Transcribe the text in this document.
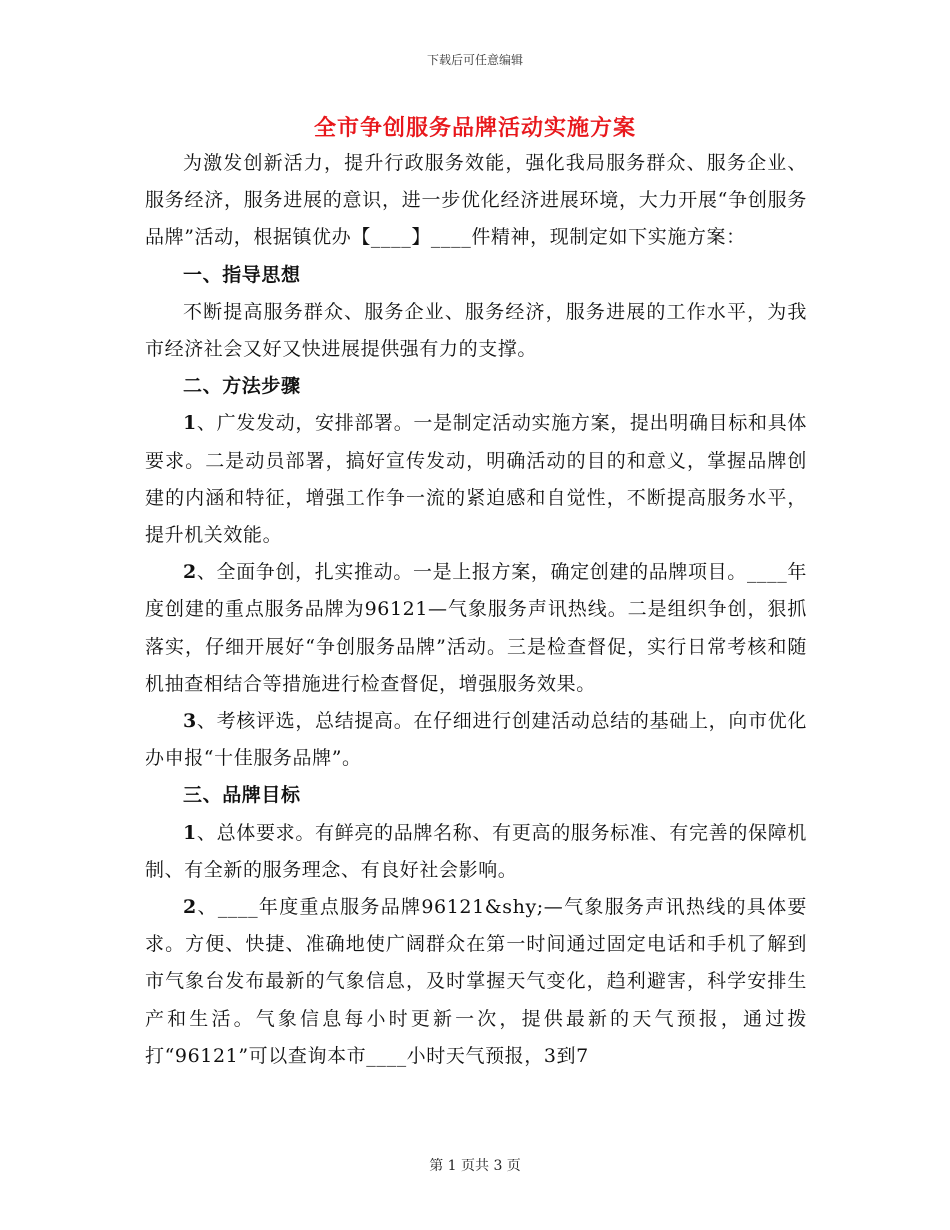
下载后可任意编辑
全市争创服务品牌活动实施方案

为激发创新活力，提升行政服务效能，强化我局服务群众、服务企业、服务经济，服务进展的意识，进一步优化经济进展环境，大力开展“争创服务品牌”活动，根据镇优办【____】____件精神，现制定如下实施方案：

一、指导思想

不断提高服务群众、服务企业、服务经济，服务进展的工作水平，为我市经济社会又好又快进展提供强有力的支撑。

二、方法步骤

1、广发发动，安排部署。一是制定活动实施方案，提出明确目标和具体要求。二是动员部署，搞好宣传发动，明确活动的目的和意义，掌握品牌创建的内涵和特征，增强工作争一流的紧迫感和自觉性，不断提高服务水平，提升机关效能。

2、全面争创，扎实推动。一是上报方案，确定创建的品牌项目。____年度创建的重点服务品牌为96121—气象服务声讯热线。二是组织争创，狠抓落实，仔细开展好“争创服务品牌”活动。三是检查督促，实行日常考核和随机抽查相结合等措施进行检查督促，增强服务效果。

3、考核评选，总结提高。在仔细进行创建活动总结的基础上，向市优化办申报“十佳服务品牌”。

三、品牌目标

1、总体要求。有鲜亮的品牌名称、有更高的服务标准、有完善的保障机制、有全新的服务理念、有良好社会影响。

2、____年度重点服务品牌96121&shy;—气象服务声讯热线的具体要求。方便、快捷、准确地使广阔群众在第一时间通过固定电话和手机了解到市气象台发布最新的气象信息，及时掌握天气变化，趋利避害，科学安排生产和生活。气象信息每小时更新一次，提供最新的天气预报，通过拨打“96121”可以查询本市____小时天气预报，3到7

第 1 页共 3 页
